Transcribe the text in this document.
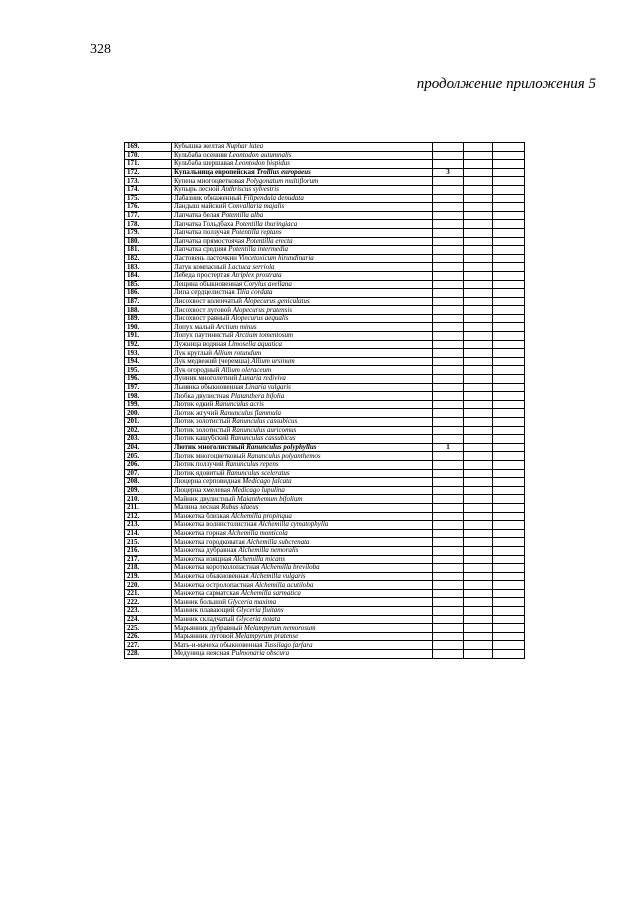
328
продолжение приложения 5
169.	Кубышка желтая Nuphar lutea			
170.	Кульбаба осенняя Leontodon autumnalis			
171.	Кульбаба шершавая Leontodon hispidus			
172.	Купальница европейская Trollius europaeus	3		
173.	Купена многоцветковая Polygonatum multiflorum			
174.	Купырь лесной Anthriscus sylvestris			
175.	Лабазник обнаженный Filipendula denudata			
176.	Ландыш майский Convallaria majalis			
177.	Лапчатка белая Potentilla alba			
178.	Лапчатка Гольдбаха Potentilla thuringiaca			
179.	Лапчатка ползучая Potentilla reptans			
180.	Лапчатка прямостоячая Potentilla erecta			
181.	Лапчатка средняя Potentilla intermedia			
182.	Ластовень ласточкин Vincetoxicum hirundinaria			
183.	Латук компасный Lactuca serriola			
184.	Лебеда простертая Atriplex prostrata			
185.	Лещина обыкновенная Corylus avellana			
186.	Липа сердцелистная Tilia cordata			
187.	Лисохвост коленчатый Alopecurus geniculatus			
188.	Лисохвост луговой Alopecurus pratensis			
189.	Лисохвост равный Alopecurus aequalis			
190.	Лопух малый Arctium minus			
191.	Лопух паутинистый Arctium tomentosum			
192.	Лужница водяная Limosella aquatica			
193.	Лук круглый Allium rotundum			
194.	Лук медвежий (черемша) Allium ursinum			
195.	Лук огородный Allium oleraceum			
196.	Лунник многолетний Lunaria rediviva			
197.	Льнянка обыкновенная Linaria vulgaris			
198.	Любка двулистная Platanthera bifolia			
199.	Лютик едкий Ranunculus acris			
200.	Лютик жгучий Ranunculus flammula			
201.	Лютик золотистый Ranunculus cassubicus			
202.	Лютик золотистый Ranunculus auricomus			
203.	Лютик кашубский Ranunculus cassubicus			
204.	Лютик многолистный Ranunculus polyphyllus	1		
205.	Лютик многоцветковый Ranunculus polyanthemos			
206.	Лютик ползучий Ranunculus repens			
207.	Лютик ядовитый Ranunculus sceleratus			
208.	Люцерна серповидная Medicago falcata			
209.	Люцерна хмелевая Medicago lupulina			
210.	Майник двулистный Maianthemum bifolium			
211.	Малина лесная Rubus idaeus			
212.	Манжетка близкая Alchemilla propinqua			
213.	Манжетка волнистолистная Alchemilla cymatophylla			
214.	Манжетка горная Alchemilla monticola			
215.	Манжетка городковатая Alchemilla subcrenata			
216.	Манжетка дубравная Alchemilla nemoralis			
217.	Манжетка изящная Alchemilla micans			
218.	Манжетка коротколопастная Alchemilla breviloba			
219.	Манжетка обыкновенная Alchemilla vulgaris			
220.	Манжетка остролопастная Alchemilla acutiloba			
221.	Манжетка сарматская Alchemilla sarmatica			
222.	Манник большой Glyceria maxima			
223.	Манник плавающий Glyceria fluitans			
224.	Манник складчатый Glyceria notata			
225.	Марьянник дубравный Melampyrum nemorosum			
226.	Марьянник луговой Melampyrum pratense			
227.	Мать-и-мачеха обыкновенная Tussilago farfara			
228.	Медуница неясная Pulmonaria obscura			
